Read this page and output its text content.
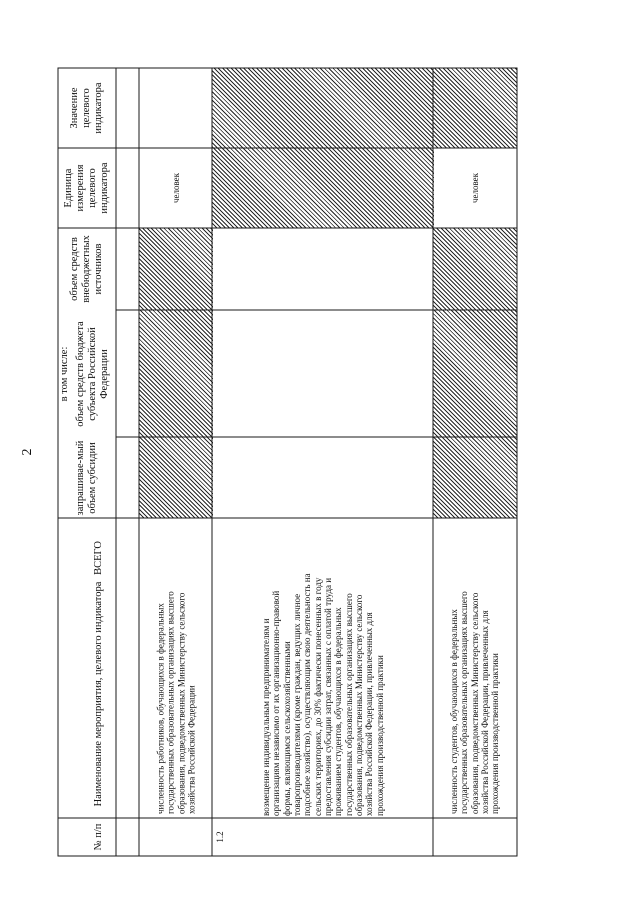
2
Значение целевого индикатора
Единица измерения целевого индикатора
объем средств внебюджетных источников
в том числе: объем средств бюджета субъекта Российской Федерации
запрашивае-мый объем субсидии
ВСЕГО
Наименование мероприятия, целевого индикатора
№ п/п
численность работников, обучающихся в федеральных государственных образовательных организациях высшего образования, подведомственных Министерству сельского хозяйства Российской Федерации
человек
1.2
возмещение индивидуальным предпринимателям и организациям независимо от их организационно-правовой формы, являющимся сельскохозяйственными товаропроизводителями (кроме граждан, ведущих личное подсобное хозяйство), осуществляющим свою деятельность на сельских территориях, до 30% фактически понесенных в году предоставления субсидии затрат, связанных с оплатой труда и проживанием студентов, обучающихся в федеральных государственных образовательных организациях высшего образования, подведомственных Министерству сельского хозяйства Российской Федерации, привлеченных для прохождения производственной практики	численность студентов, обучающихся в федеральных государственных образовательных организациях высшего образования, подведомственных Министерству сельского хозяйства Российской Федерации, привлеченных для прохождения производственной практики
человек
